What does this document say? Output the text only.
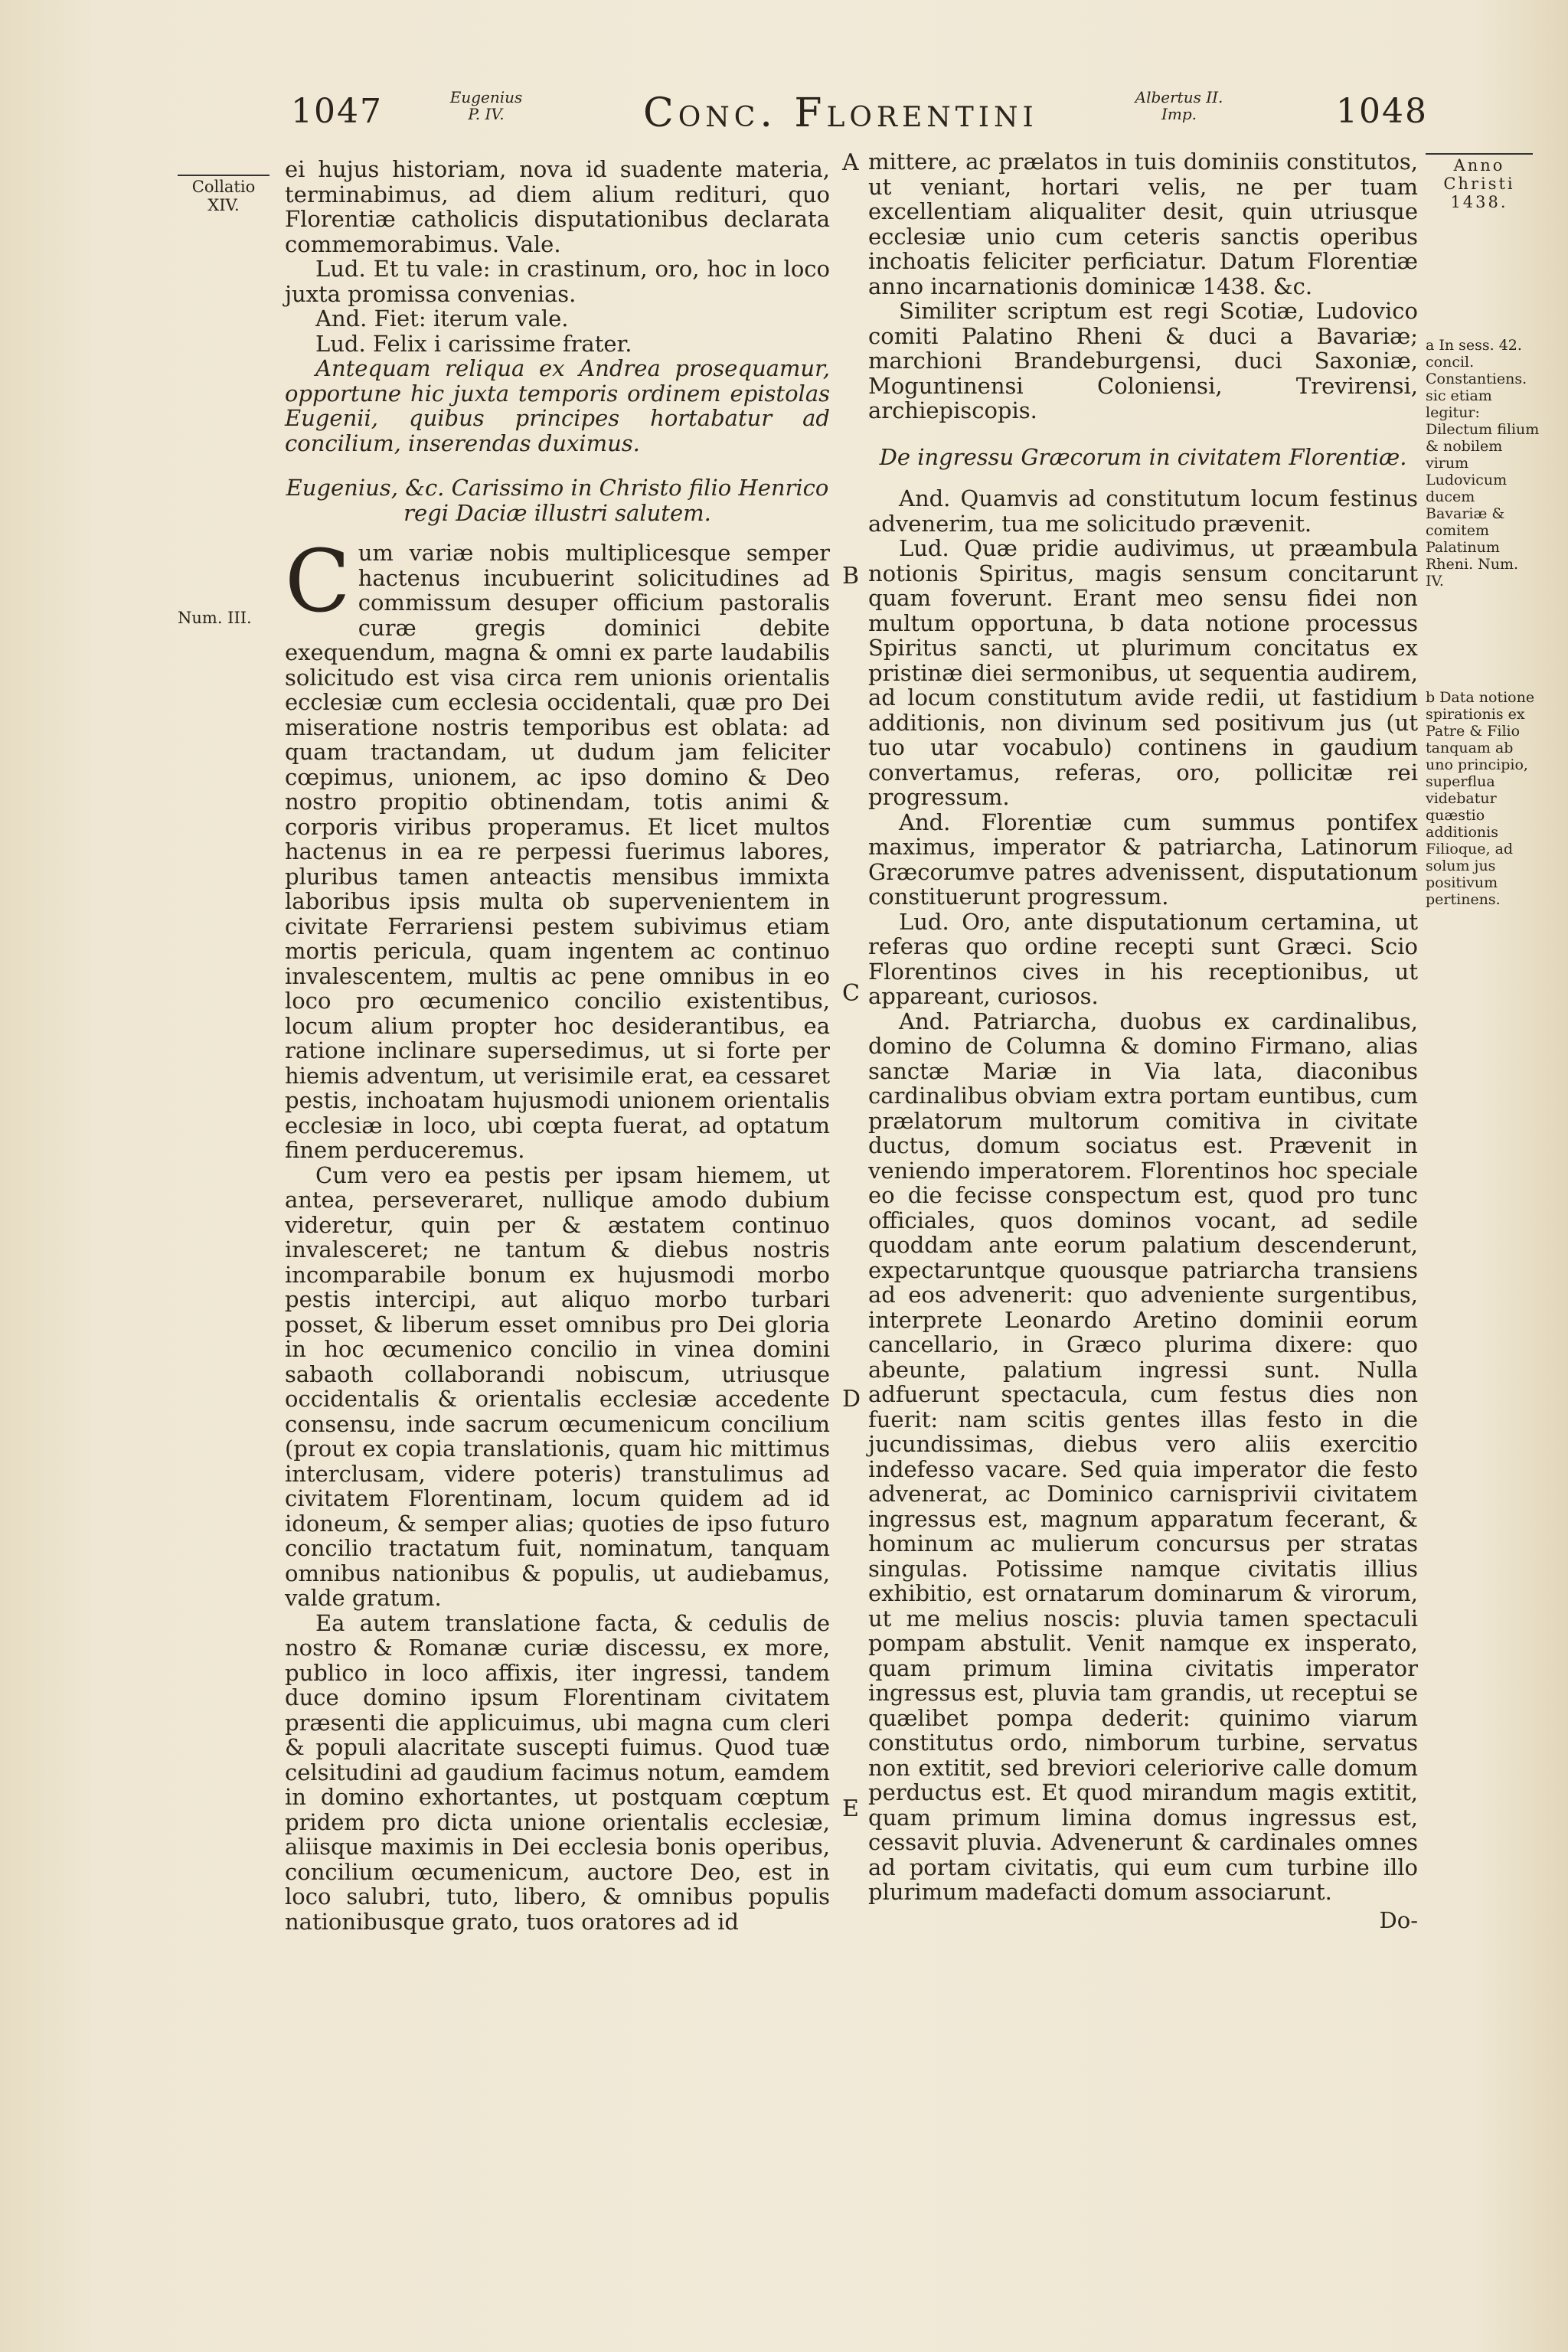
1047	Eugenius
P. IV.	Conc. Florentini	Albertus II.
Imp.	1048
Collatio
XIV.
Num. III.
Anno
Christi
1438.
a In sess. 42. concil. Constantiens. sic etiam legitur: Dilectum filium & nobilem virum Ludovicum ducem Bavariæ & comitem Palatinum Rheni. Num. IV.
b Data notione spirationis ex Patre & Filio tanquam ab uno principio, superflua videbatur quæstio additionis Filioque, ad solum jus positivum pertinens.
A
B
C
D
E

ei hujus historiam, nova id suadente materia, terminabimus, ad diem alium redituri, quo Florentiæ catholicis disputationibus declarata commemorabimus. Vale.

Lud. Et tu vale: in crastinum, oro, hoc in loco juxta promissa convenias.

And. Fiet: iterum vale.

Lud. Felix i carissime frater.

Antequam reliqua ex Andrea prosequamur, opportune hic juxta temporis ordinem epistolas Eugenii, quibus principes hortabatur ad concilium, inserendas duximus.

Eugenius, &c. Carissimo in Christo filio Henrico regi Daciæ illustri salutem.

Cum variæ nobis multiplicesque semper hactenus incubuerint solicitudines ad commissum desuper officium pastoralis curæ gregis dominici debite exequendum, magna & omni ex parte laudabilis solicitudo est visa circa rem unionis orientalis ecclesiæ cum ecclesia occidentali, quæ pro Dei miseratione nostris temporibus est oblata: ad quam tractandam, ut dudum jam feliciter cœpimus, unionem, ac ipso domino & Deo nostro propitio obtinendam, totis animi & corporis viribus properamus. Et licet multos hactenus in ea re perpessi fuerimus labores, pluribus tamen anteactis mensibus immixta laboribus ipsis multa ob supervenientem in civitate Ferrariensi pestem subivimus etiam mortis pericula, quam ingentem ac continuo invalescentem, multis ac pene omnibus in eo loco pro œcumenico concilio existentibus, locum alium propter hoc desiderantibus, ea ratione inclinare supersedimus, ut si forte per hiemis adventum, ut verisimile erat, ea cessaret pestis, inchoatam hujusmodi unionem orientalis ecclesiæ in loco, ubi cœpta fuerat, ad optatum finem perduceremus.

Cum vero ea pestis per ipsam hiemem, ut antea, perseveraret, nullique amodo dubium videretur, quin per & æstatem continuo invalesceret; ne tantum & diebus nostris incomparabile bonum ex hujusmodi morbo pestis intercipi, aut aliquo morbo turbari posset, & liberum esset omnibus pro Dei gloria in hoc œcumenico concilio in vinea domini sabaoth collaborandi nobiscum, utriusque occidentalis & orientalis ecclesiæ accedente consensu, inde sacrum œcumenicum concilium (prout ex copia translationis, quam hic mittimus interclusam, videre poteris) transtulimus ad civitatem Florentinam, locum quidem ad id idoneum, & semper alias; quoties de ipso futuro concilio tractatum fuit, nominatum, tanquam omnibus nationibus & populis, ut audiebamus, valde gratum.

Ea autem translatione facta, & cedulis de nostro & Romanæ curiæ discessu, ex more, publico in loco affixis, iter ingressi, tandem duce domino ipsum Florentinam civitatem præsenti die applicuimus, ubi magna cum cleri & populi alacritate suscepti fuimus. Quod tuæ celsitudini ad gaudium facimus notum, eamdem in domino exhortantes, ut postquam cœptum pridem pro dicta unione orientalis ecclesiæ, aliisque maximis in Dei ecclesia bonis operibus, concilium œcumenicum, auctore Deo, est in loco salubri, tuto, libero, & omnibus populis nationibusque grato, tuos oratores ad id

mittere, ac prælatos in tuis dominiis constitutos, ut veniant, hortari velis, ne per tuam excellentiam aliqualiter desit, quin utriusque ecclesiæ unio cum ceteris sanctis operibus inchoatis feliciter perficiatur. Datum Florentiæ anno incarnationis dominicæ 1438. &c.

Similiter scriptum est regi Scotiæ, Ludovico comiti Palatino Rheni & duci a Bavariæ; marchioni Brandeburgensi, duci Saxoniæ, Moguntinensi Coloniensi, Trevirensi, archiepiscopis.

De ingressu Græcorum in civitatem Florentiæ.

And. Quamvis ad constitutum locum festinus advenerim, tua me solicitudo prævenit.

Lud. Quæ pridie audivimus, ut præambula notionis Spiritus, magis sensum concitarunt quam foverunt. Erant meo sensu fidei non multum opportuna, b data notione processus Spiritus sancti, ut plurimum concitatus ex pristinæ diei sermonibus, ut sequentia audirem, ad locum constitutum avide redii, ut fastidium additionis, non divinum sed positivum jus (ut tuo utar vocabulo) continens in gaudium convertamus, referas, oro, pollicitæ rei progressum.

And. Florentiæ cum summus pontifex maximus, imperator & patriarcha, Latinorum Græcorumve patres advenissent, disputationum constituerunt progressum.

Lud. Oro, ante disputationum certamina, ut referas quo ordine recepti sunt Græci. Scio Florentinos cives in his receptionibus, ut appareant, curiosos.

And. Patriarcha, duobus ex cardinalibus, domino de Columna & domino Firmano, alias sanctæ Mariæ in Via lata, diaconibus cardinalibus obviam extra portam euntibus, cum prælatorum multorum comitiva in civitate ductus, domum sociatus est. Prævenit in veniendo imperatorem. Florentinos hoc speciale eo die fecisse conspectum est, quod pro tunc officiales, quos dominos vocant, ad sedile quoddam ante eorum palatium descenderunt, expectaruntque quousque patriarcha transiens ad eos advenerit: quo adveniente surgentibus, interprete Leonardo Aretino dominii eorum cancellario, in Græco plurima dixere: quo abeunte, palatium ingressi sunt. Nulla adfuerunt spectacula, cum festus dies non fuerit: nam scitis gentes illas festo in die jucundissimas, diebus vero aliis exercitio indefesso vacare. Sed quia imperator die festo advenerat, ac Dominico carnisprivii civitatem ingressus est, magnum apparatum fecerant, & hominum ac mulierum concursus per stratas singulas. Potissime namque civitatis illius exhibitio, est ornatarum dominarum & virorum, ut me melius noscis: pluvia tamen spectaculi pompam abstulit. Venit namque ex insperato, quam primum limina civitatis imperator ingressus est, pluvia tam grandis, ut receptui se quælibet pompa dederit: quinimo viarum constitutus ordo, nimborum turbine, servatus non extitit, sed breviori celeriorive calle domum perductus est. Et quod mirandum magis extitit, quam primum limina domus ingressus est, cessavit pluvia. Advenerunt & cardinales omnes ad portam civitatis, qui eum cum turbine illo plurimum madefacti domum associarunt.

Do-
